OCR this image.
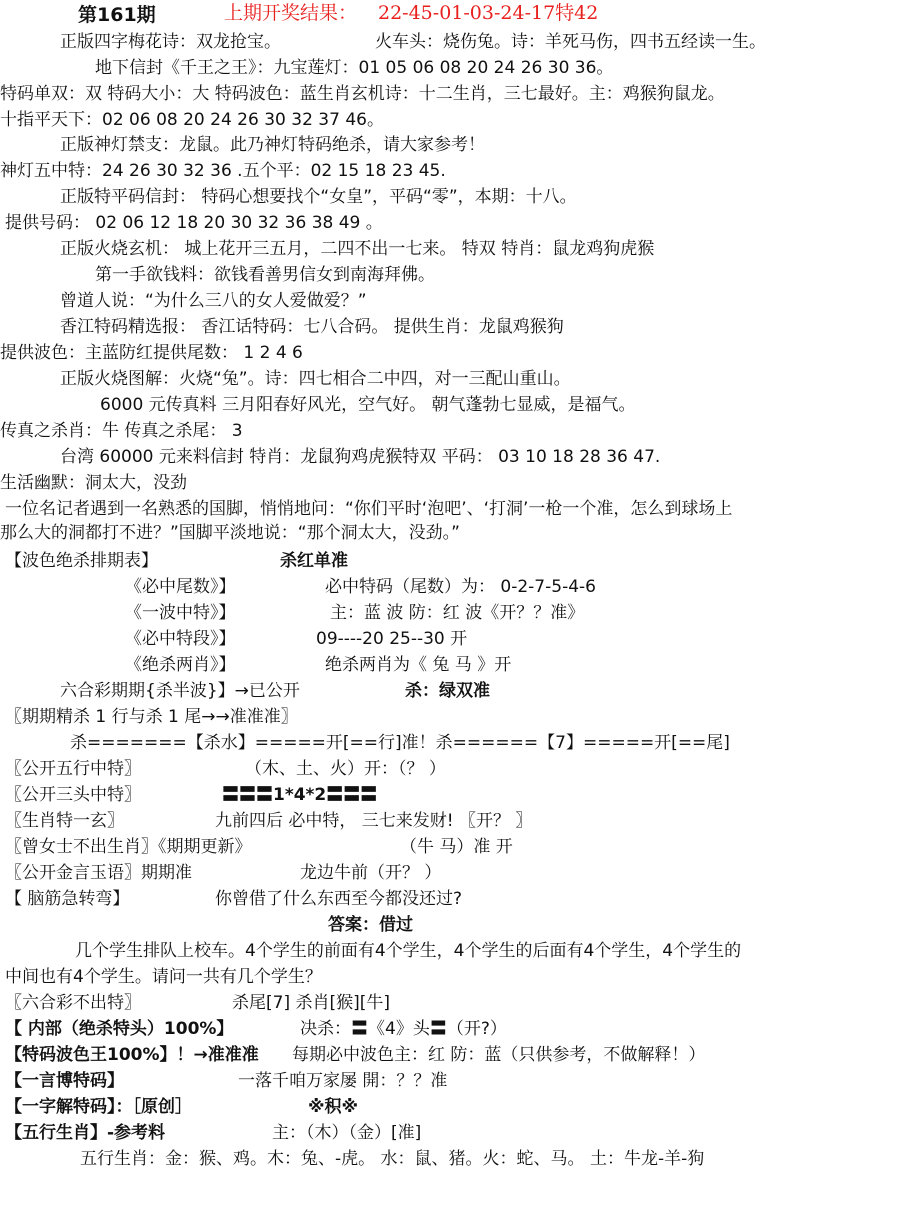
第161期	上期开奖结果： 22-45-01-03-24-17特42
正版四字梅花诗：双龙抢宝。	火车头：烧伤兔。诗：羊死马伤，四书五经读一生。
地下信封《千王之王》：九宝莲灯：01 05 06 08 20 24 26 30 36。
特码单双：双 特码大小：大 特码波色：蓝生肖玄机诗：十二生肖，三七最好。主：鸡猴狗鼠龙。
十指平天下：02 06 08 20 24 26 30 32 37 46。
正版神灯禁支：龙鼠。此乃神灯特码绝杀，请大家参考！
神灯五中特：24 26 30 32 36 .五个平：02 15 18 23 45.
正版特平码信封： 特码心想要找个“女皇”，平码“零”，本期：十八。
提供号码： 02 06 12 18 20 30 32 36 38 49 。
正版火烧玄机： 城上花开三五月，二四不出一七来。 特双 特肖：鼠龙鸡狗虎猴
第一手欲钱料：欲钱看善男信女到南海拜佛。
曾道人说：“为什么三八的女人爱做爱？”
香江特码精选报： 香江话特码：七八合码。 提供生肖：龙鼠鸡猴狗
提供波色：主蓝防红提供尾数： 1 2 4 6
正版火烧图解：火烧“兔”。诗：四七相合二中四，对一三配山重山。
6000 元传真料 三月阳春好风光，空气好。 朝气蓬勃七显威，是福气。
传真之杀肖：牛 传真之杀尾： 3
台湾 60000 元来料信封 特肖：龙鼠狗鸡虎猴特双 平码： 03 10 18 28 36 47.
生活幽默：洞太大，没劲
一位名记者遇到一名熟悉的国脚，悄悄地问：“你们平时‘泡吧’、‘打洞’一枪一个准，怎么到球场上
那么大的洞都打不进？”国脚平淡地说：“那个洞太大，没劲。”
【波色绝杀排期表】	杀红单准
《必中尾数》】	必中特码（尾数）为： 0-2-7-5-4-6
《一波中特》】	主：蓝 波 防：红 波《开？？准》
《必中特段》】	09----20 25--30 开
《绝杀两肖》】	绝杀两肖为《 兔 马 》开
六合彩期期{杀半波}】→已公开	杀：绿双准
〖期期精杀 1 行与杀 1 尾→→准准准〗
杀=======【杀水】=====开[==行]准！杀======【7】=====开[==尾]
〖公开五行中特〗	（木、土、火）开：（？ ）
〖公开三头中特〗	〓〓〓1*4*2〓〓〓
〖生肖特一玄〗	九前四后 必中特， 三七来发财! 〖开？ 〗
〖曾女士不出生肖〗《期期更新》	（牛 马）准 开
〖公开金言玉语〗期期准	龙边牛前（开？ ）
【 脑筋急转弯】	你曾借了什么东西至今都没还过?
答案：借过
几个学生排队上校车。4个学生的前面有4个学生，4个学生的后面有4个学生，4个学生的
中间也有4个学生。请问一共有几个学生？
〖六合彩不出特〗	杀尾[7] 杀肖[猴][牛]
【 内部（绝杀特头）100%】	决杀：〓《4》头〓（开?）
【特码波色王100%】！→准准准 每期必中波色主：红 防：蓝（只供参考，不做解释！）
【一言博特码】	一落千咱万家屡 開：？？准
【一字解特码】：［原创］	※积※
【五行生肖】-参考料	主：（木）（金）[准]
五行生肖：金：猴、鸡。木：兔、-虎。 水：鼠、猪。火：蛇、马。 土：牛龙-羊-狗
